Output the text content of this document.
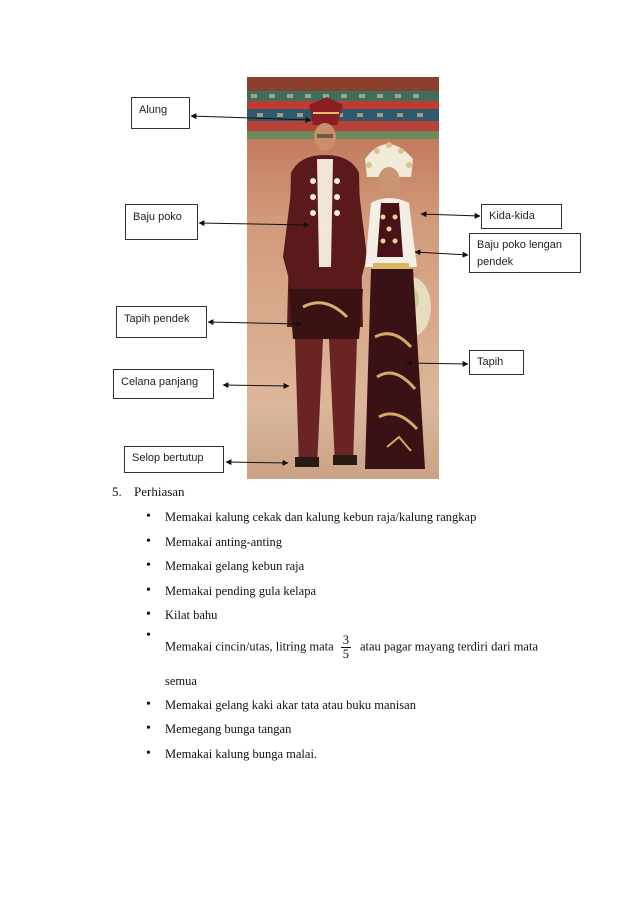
Alung
Baju poko	Kida-kida
Baju poko lengan
pendek
Tapih pendek
Tapih
Celana panjang
Selop bertutup
5. Perhiasan
• Memakai kalung cekak dan kalung kebun raja/kalung rangkap
• Memakai anting-anting
• Memakai gelang kebun raja
• Memakai pending gula kelapa
• Kilat bahu
• Memakai cincin/utas, litring mata $\frac{3}{5}$ atau pagar mayang terdiri dari mata
semua
• Memakai gelang kaki akar tata atau buku manisan
• Memegang bunga tangan
• Memakai kalung bunga malai.
